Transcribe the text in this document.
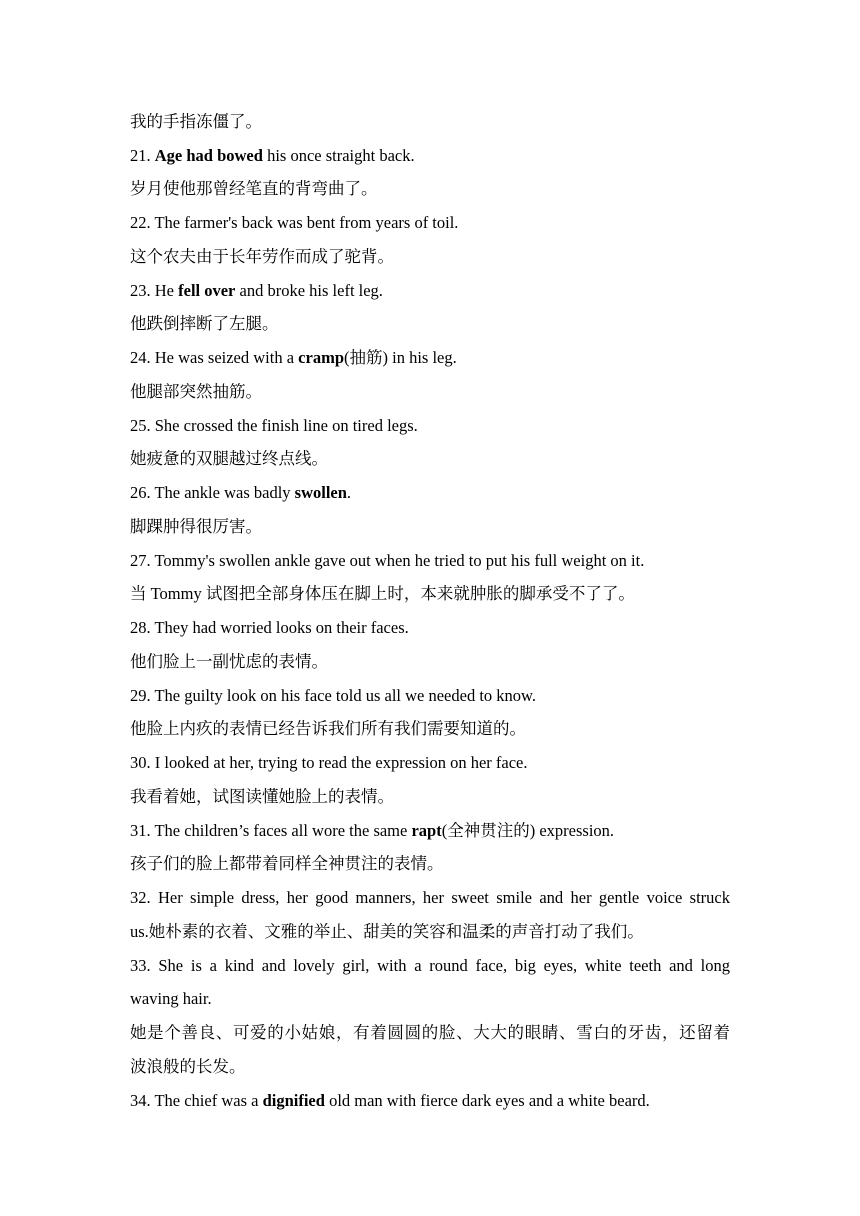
我的手指冻僵了。
21. Age had bowed his once straight back.
岁月使他那曾经笔直的背弯曲了。
22. The farmer's back was bent from years of toil.
这个农夫由于长年劳作而成了驼背。
23. He fell over and broke his left leg.
他跌倒摔断了左腿。
24. He was seized with a cramp(抽筋) in his leg.
他腿部突然抽筋。
25. She crossed the finish line on tired legs.
她疲惫的双腿越过终点线。
26. The ankle was badly swollen.
脚踝肿得很厉害。
27. Tommy's swollen ankle gave out when he tried to put his full weight on it.
当 Tommy 试图把全部身体压在脚上时，本来就肿胀的脚承受不了了。
28. They had worried looks on their faces.
他们脸上一副忧虑的表情。
29. The guilty look on his face told us all we needed to know.
他脸上内疚的表情已经告诉我们所有我们需要知道的。
30. I looked at her, trying to read the expression on her face.
我看着她，试图读懂她脸上的表情。
31. The children’s faces all wore the same rapt(全神贯注的) expression.
孩子们的脸上都带着同样全神贯注的表情。
32. Her simple dress, her good manners, her sweet smile and her gentle voice struck
us.她朴素的衣着、文雅的举止、甜美的笑容和温柔的声音打动了我们。
33. She is a kind and lovely girl, with a round face, big eyes, white teeth and long
waving hair.
她是个善良、可爱的小姑娘，有着圆圆的脸、大大的眼睛、雪白的牙齿，还留着
波浪般的长发。
34. The chief was a dignified old man with fierce dark eyes and a white beard.
